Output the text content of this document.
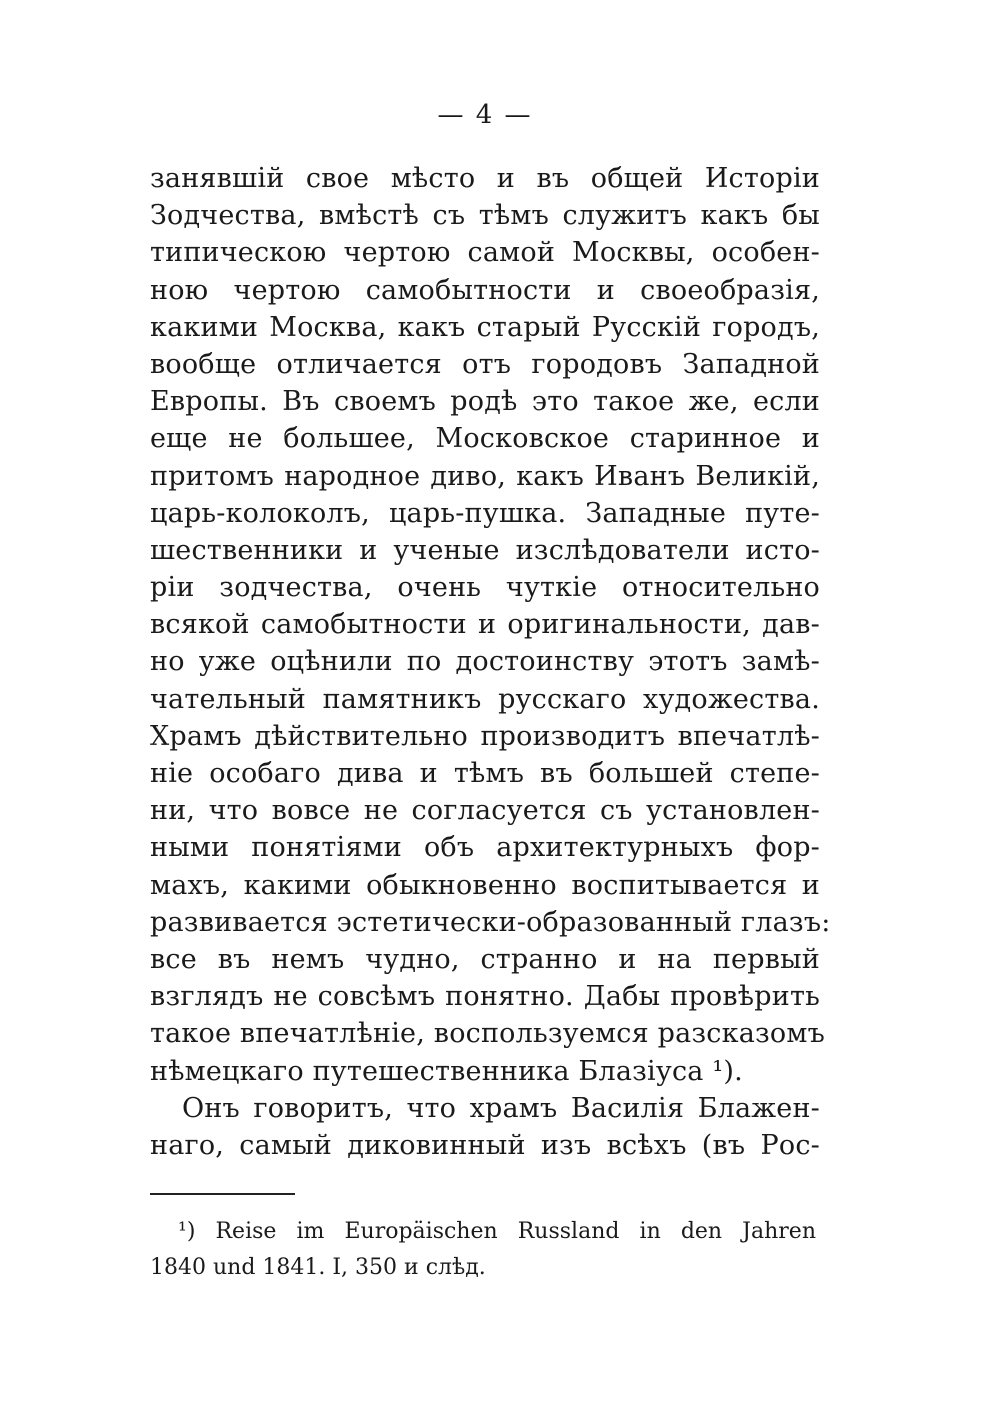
— 4 —
занявшій свое мѣсто и въ общей Исторіи
Зодчества, вмѣстѣ съ тѣмъ служитъ какъ бы
типическою чертою самой Москвы, особен-
ною чертою самобытности и своеобразія,
какими Москва, какъ старый Русскій городъ,
вообще отличается отъ городовъ Западной
Европы. Въ своемъ родѣ это такое же, если
еще не большее, Московское старинное и
притомъ народное диво, какъ Иванъ Великій,
царь-колоколъ, царь-пушка. Западные путе-
шественники и ученые изслѣдователи исто-
ріи зодчества, очень чуткіе относительно
всякой самобытности и оригинальности, дав-
но уже оцѣнили по достоинству этотъ замѣ-
чательный памятникъ русскаго художества.
Храмъ дѣйствительно производитъ впечатлѣ-
ніе особаго дива и тѣмъ въ большей степе-
ни, что вовсе не согласуется съ установлен-
ными понятіями объ архитектурныхъ фор-
махъ, какими обыкновенно воспитывается и
развивается эстетически-образованный глазъ:
все въ немъ чудно, странно и на первый
взглядъ не совсѣмъ понятно. Дабы провѣрить
такое впечатлѣніе, воспользуемся разсказомъ
нѣмецкаго путешественника Блазіуса ¹).
Онъ говоритъ, что храмъ Василія Блажен-
наго, самый диковинный изъ всѣхъ (въ Рос-
¹) Reise im Europäischen Russland in den Jahren
1840 und 1841. I, 350 и слѣд.
